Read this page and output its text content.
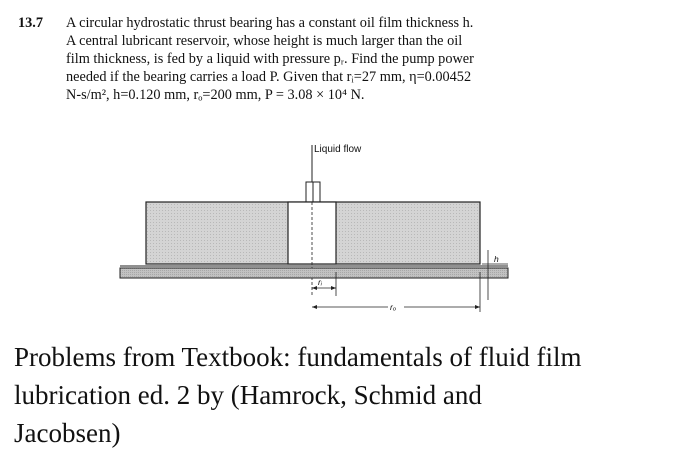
13.7 A circular hydrostatic thrust bearing has a constant oil film thickness h.
A central lubricant reservoir, whose height is much larger than the oil
film thickness, is fed by a liquid with pressure pᵣ. Find the pump power
needed if the bearing carries a load P. Given that rᵢ=27 mm, η=0.00452
N-s/m², h=0.120 mm, rₒ=200 mm, P = 3.08 × 10⁴ N.
Liquid flow
h
rᵢ
rₒ
Problems from Textbook: fundamentals of fluid film
lubrication ed. 2 by (Hamrock, Schmid and
Jacobsen)
